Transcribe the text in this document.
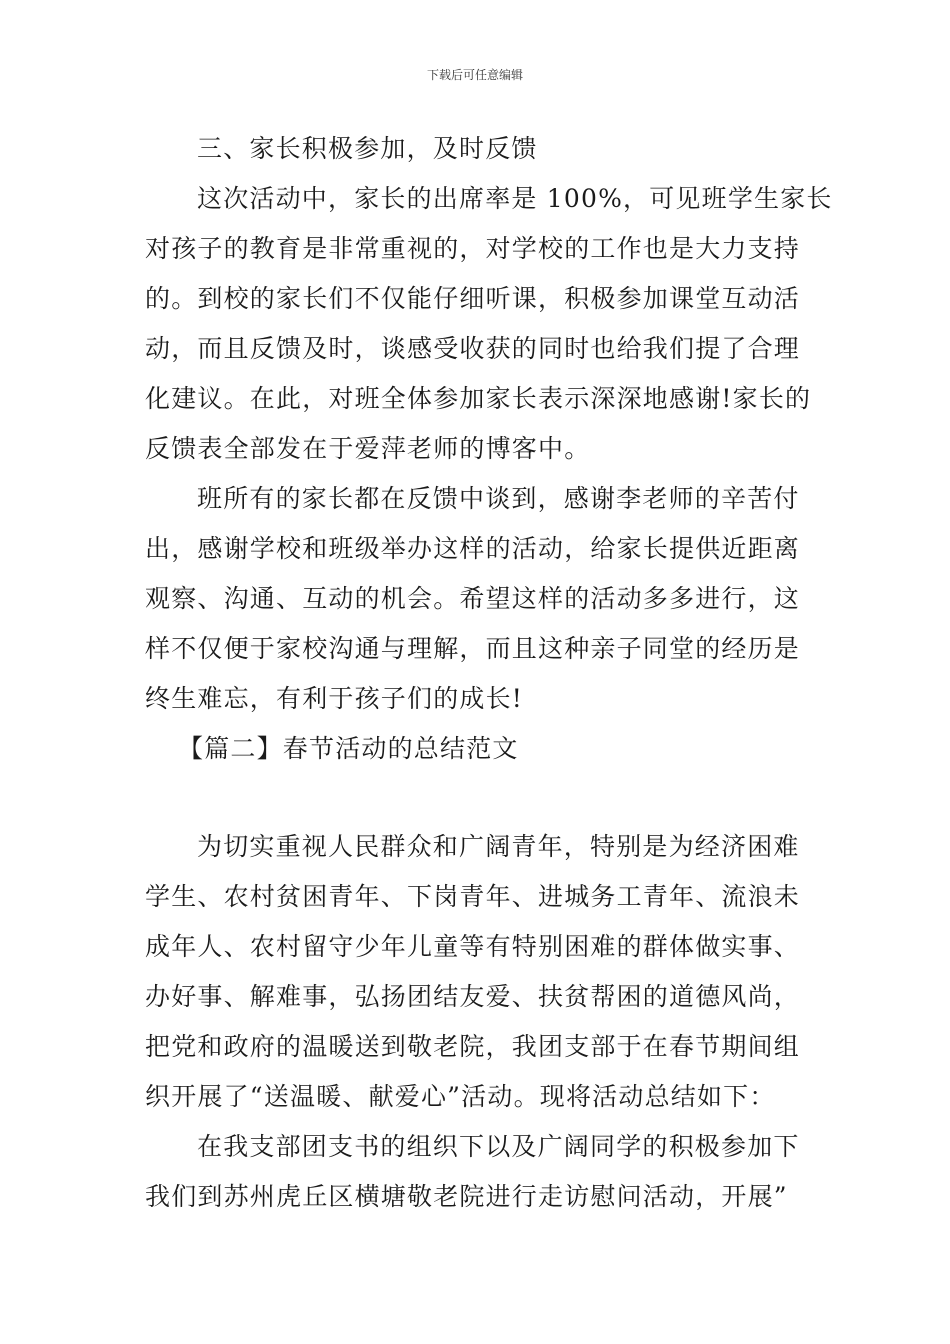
下载后可任意编辑
三、家长积极参加，及时反馈
这次活动中，家长的出席率是 100%，可见班学生家长
对孩子的教育是非常重视的，对学校的工作也是大力支持
的。到校的家长们不仅能仔细听课，积极参加课堂互动活
动，而且反馈及时，谈感受收获的同时也给我们提了合理
化建议。在此，对班全体参加家长表示深深地感谢!家长的
反馈表全部发在于爱萍老师的博客中。
班所有的家长都在反馈中谈到，感谢李老师的辛苦付
出，感谢学校和班级举办这样的活动，给家长提供近距离
观察、沟通、互动的机会。希望这样的活动多多进行，这
样不仅便于家校沟通与理解，而且这种亲子同堂的经历是
终生难忘，有利于孩子们的成长!
【篇二】春节活动的总结范文
为切实重视人民群众和广阔青年，特别是为经济困难
学生、农村贫困青年、下岗青年、进城务工青年、流浪未
成年人、农村留守少年儿童等有特别困难的群体做实事、
办好事、解难事，弘扬团结友爱、扶贫帮困的道德风尚，
把党和政府的温暖送到敬老院，我团支部于在春节期间组
织开展了“送温暖、献爱心”活动。现将活动总结如下：
在我支部团支书的组织下以及广阔同学的积极参加下
我们到苏州虎丘区横塘敬老院进行走访慰问活动，开展”
